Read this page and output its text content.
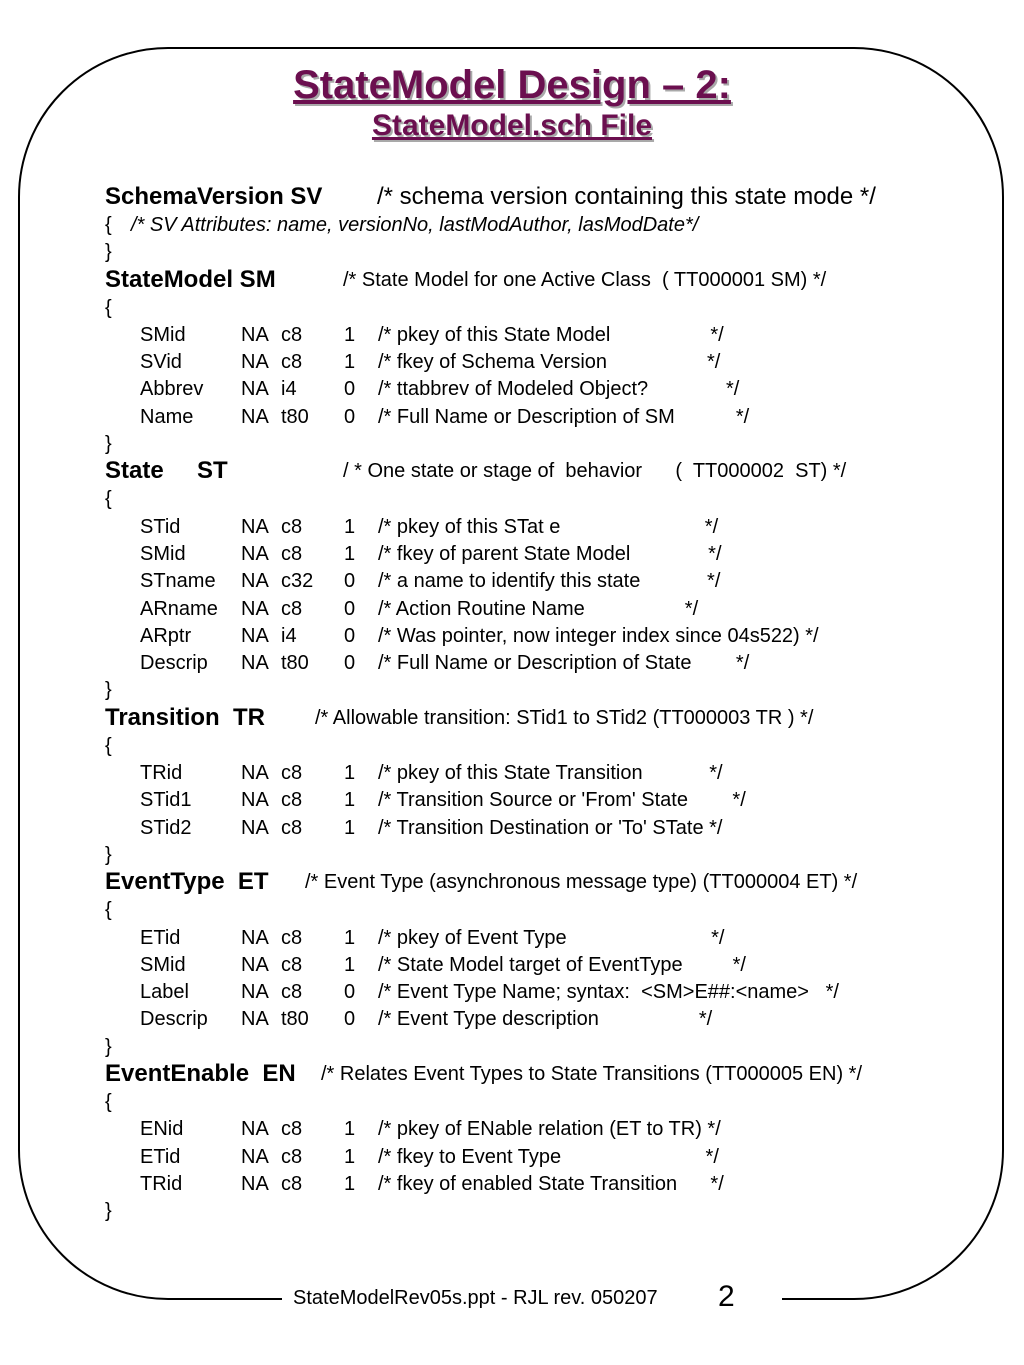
StateModel Design – 2:
StateModel.sch File
SchemaVersion SV /* schema version containing this state mode */
{ /* SV Attributes: name, versionNo, lastModAuthor, lasModDate*/
}
StateModel SM	/* State Model for one Active Class  ( TT000001 SM) */
{
SMid	NA c8 1 /* pkey of this State Model                  */
SVid	NA c8 1 /* fkey of Schema Version                  */
Abbrev NA i4 0 /* ttabbrev of Modeled Object?              */
Name NA t80 0 /* Full Name or Description of SM           */
}
State     ST	/ * One state or stage of  behavior      (  TT000002  ST) */
{
STid	NA c8 1 /* pkey of this STat e                          */
SMid	NA c8 1 /* fkey of parent State Model              */
STname NA c32 0 /* a name to identify this state            */
ARname NA c8 0 /* Action Routine Name                  */
ARptr NA i4 0 /* Was pointer, now integer index since 04s522) */
Descrip NA t80 0 /* Full Name or Description of State        */
}
Transition  TR /* Allowable transition: STid1 to STid2 (TT000003 TR ) */
{
TRid	NA c8 1 /* pkey of this State Transition            */
STid1 NA c8 1 /* Transition Source or 'From' State        */
STid2 NA c8 1 /* Transition Destination or 'To' STate */
}
EventType  ET /* Event Type (asynchronous message type) (TT000004 ET) */
{
ETid	NA c8 1 /* pkey of Event Type                          */
SMid	NA c8 1 /* State Model target of EventType         */
Label	NA c8 0 /* Event Type Name; syntax:  <SM>E##:<name>   */
Descrip NA t80 0 /* Event Type description                  */
}
EventEnable  EN /* Relates Event Types to State Transitions (TT000005 EN) */
{
ENid	NA c8 1 /* pkey of ENable relation (ET to TR) */
ETid	NA c8 1 /* fkey to Event Type                          */
TRid	NA c8 1 /* fkey of enabled State Transition      */
}
StateModelRev05s.ppt - RJL rev. 050207 2
